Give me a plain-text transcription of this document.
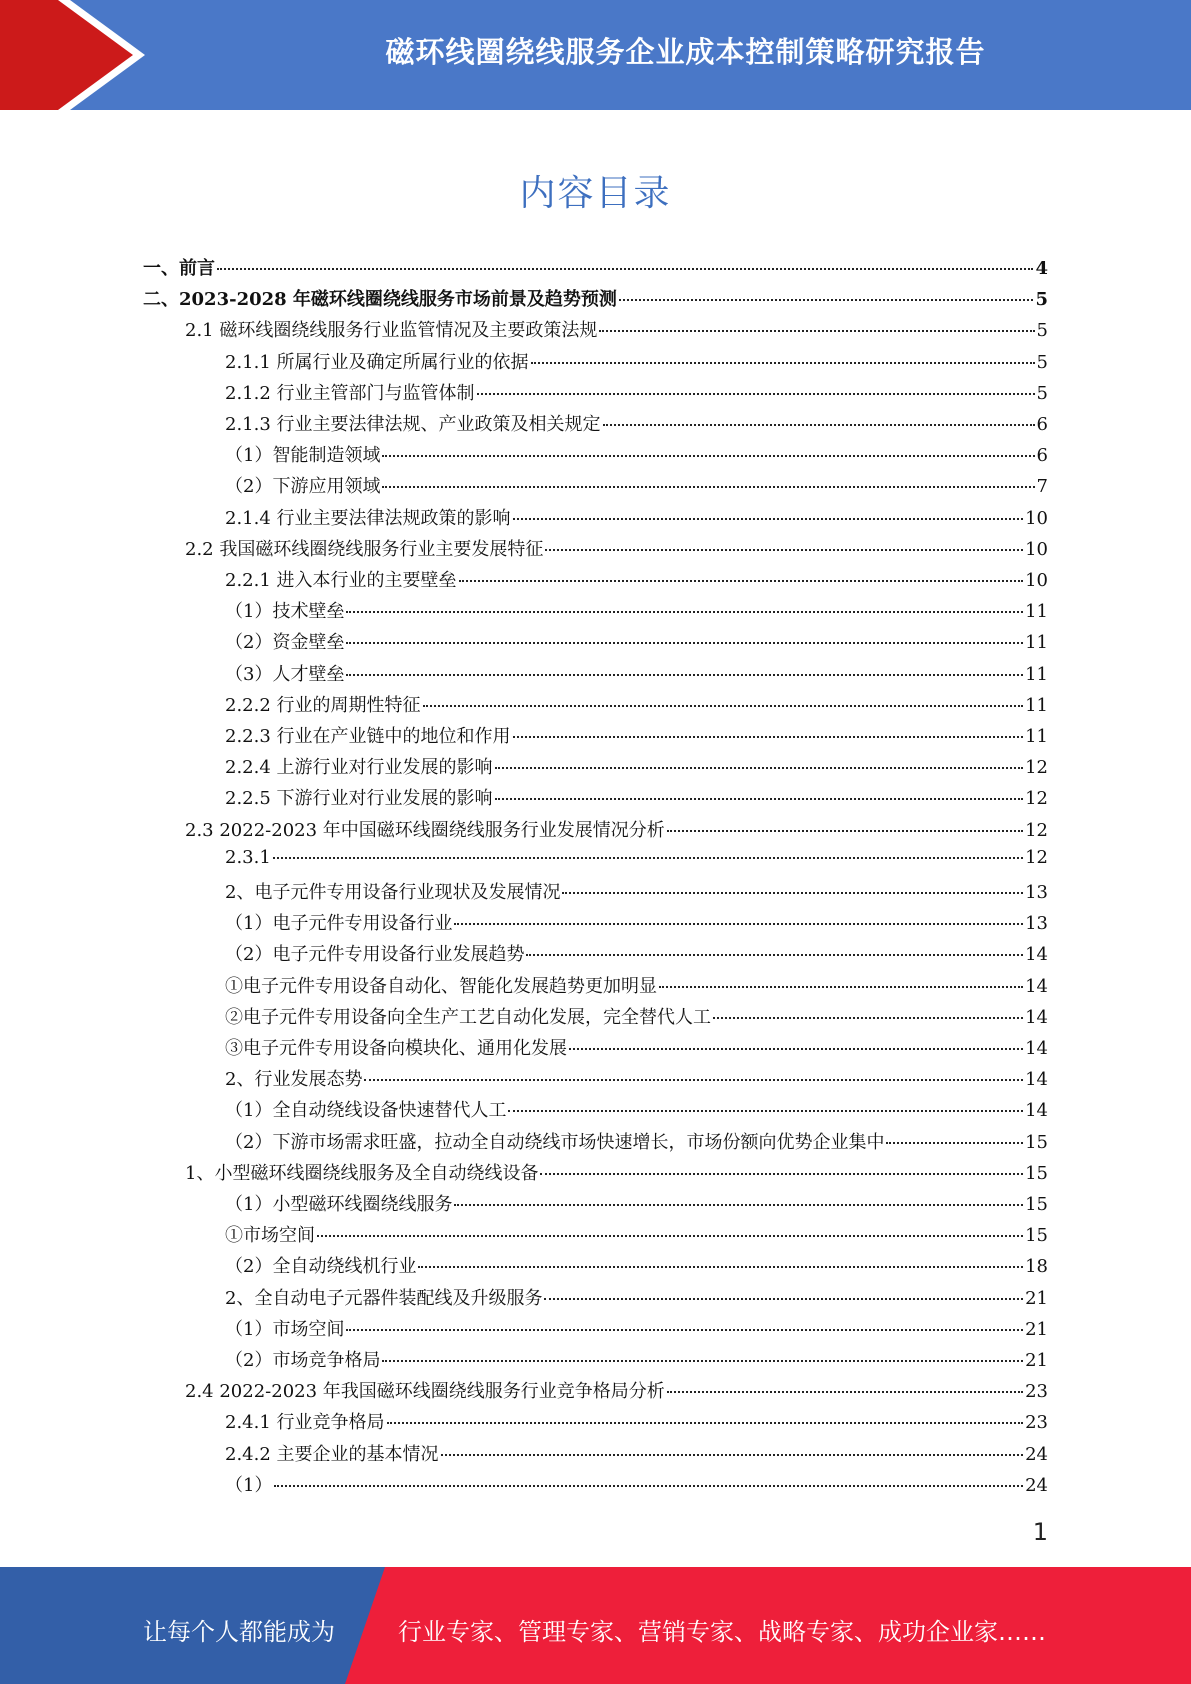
磁环线圈绕线服务企业成本控制策略研究报告
内容目录
一、前言	4
二、2023-2028 年磁环线圈绕线服务市场前景及趋势预测	5
2.1 磁环线圈绕线服务行业监管情况及主要政策法规	5
2.1.1 所属行业及确定所属行业的依据	5
2.1.2 行业主管部门与监管体制	5
2.1.3 行业主要法律法规、产业政策及相关规定	6
（1）智能制造领域	6
（2）下游应用领域	7
2.1.4 行业主要法律法规政策的影响	10
2.2 我国磁环线圈绕线服务行业主要发展特征	10
2.2.1 进入本行业的主要壁垒	10
（1）技术壁垒	11
（2）资金壁垒	11
（3）人才壁垒	11
2.2.2 行业的周期性特征	11
2.2.3 行业在产业链中的地位和作用	11
2.2.4 上游行业对行业发展的影响	12
2.2.5 下游行业对行业发展的影响	12
2.3 2022-2023 年中国磁环线圈绕线服务行业发展情况分析	12
2.3.1	12
2、电子元件专用设备行业现状及发展情况	13
（1）电子元件专用设备行业	13
（2）电子元件专用设备行业发展趋势	14
①电子元件专用设备自动化、智能化发展趋势更加明显	14
②电子元件专用设备向全生产工艺自动化发展，完全替代人工	14
③电子元件专用设备向模块化、通用化发展	14
2、行业发展态势	14
（1）全自动绕线设备快速替代人工	14
（2）下游市场需求旺盛，拉动全自动绕线市场快速增长，市场份额向优势企业集中	15
1、小型磁环线圈绕线服务及全自动绕线设备	15
（1）小型磁环线圈绕线服务	15
①市场空间	15
（2）全自动绕线机行业	18
2、全自动电子元器件装配线及升级服务	21
（1）市场空间	21
（2）市场竞争格局	21
2.4 2022-2023 年我国磁环线圈绕线服务行业竞争格局分析	23
2.4.1 行业竞争格局	23
2.4.2 主要企业的基本情况	24
（1）	24
1
让每个人都能成为	行业专家、管理专家、营销专家、战略专家、成功企业家……
